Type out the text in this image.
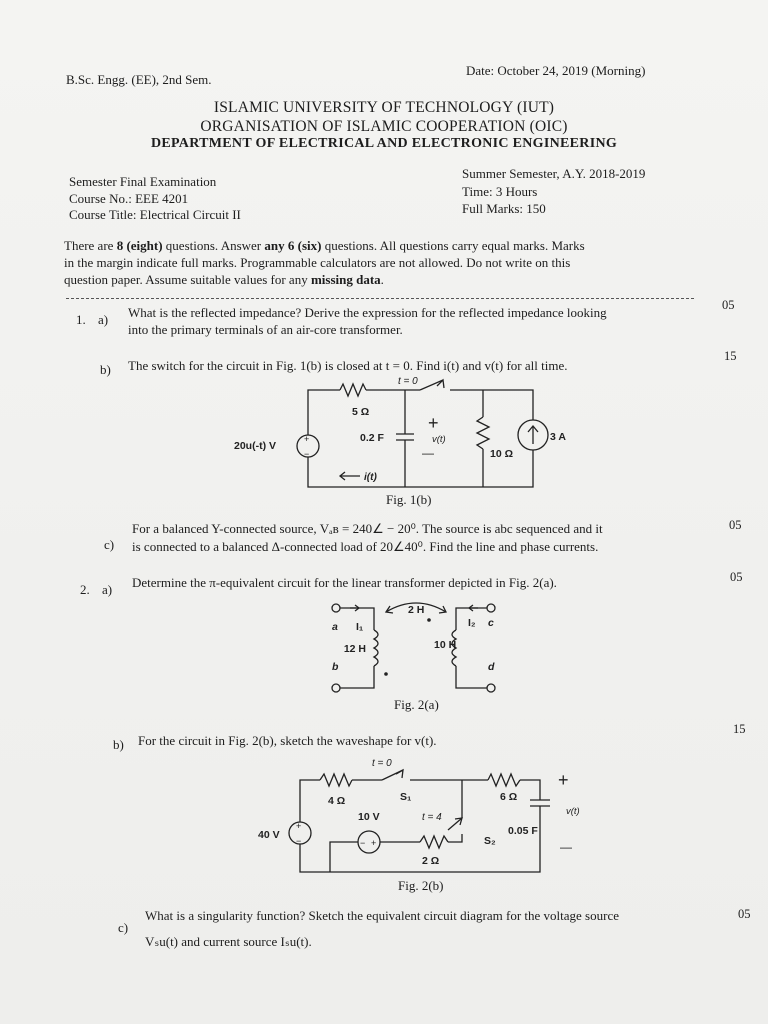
B.Sc. Engg. (EE), 2nd Sem.
Date: October 24, 2019 (Morning)
ISLAMIC UNIVERSITY OF TECHNOLOGY (IUT)
ORGANISATION OF ISLAMIC COOPERATION (OIC)
DEPARTMENT OF ELECTRICAL AND ELECTRONIC ENGINEERING
Semester Final Examination
Course No.: EEE 4201
Course Title: Electrical Circuit II
Summer Semester, A.Y. 2018-2019
Time: 3 Hours
Full Marks: 150
There are 8 (eight) questions. Answer any 6 (six) questions. All questions carry equal marks. Marks
in the margin indicate full marks. Programmable calculators are not allowed. Do not write on this
question paper. Assume suitable values for any missing data.
1. a) What is the reflected impedance? Derive the expression for the reflected impedance looking
into the primary terminals of an air-core transformer.
05
b) The switch for the circuit in Fig. 1(b) is closed at t = 0. Find i(t) and v(t) for all time.
15
+
−
t = 0
5 Ω
0.2 F
+
v(t)
—	10 Ω
3 A
20u(-t) V
i(t)
Fig. 1(b)
c)
For a balanced Y-connected source, Vₐʙ = 240∠ − 20⁰. The source is abc sequenced and it
is connected to a balanced Δ-connected load of 20∠40⁰. Find the line and phase currents.
05
2. a) Determine the π-equivalent circuit for the linear transformer depicted in Fig. 2(a).	05
2 H
a I₁	I₂ c
12 H	10 H
b	d
Fig. 2(a)
b) For the circuit in Fig. 2(b), sketch the waveshape for v(t).
15
+
−	− +
t = 0
4 Ω	S₁	6 Ω
10 V	t = 4
S₂
0.05 F
+
v(t)
—
40 V
2 Ω
Fig. 2(b)
c)
What is a singularity function? Sketch the equivalent circuit diagram for the voltage source
Vₛu(t) and current source Iₛu(t).
05
